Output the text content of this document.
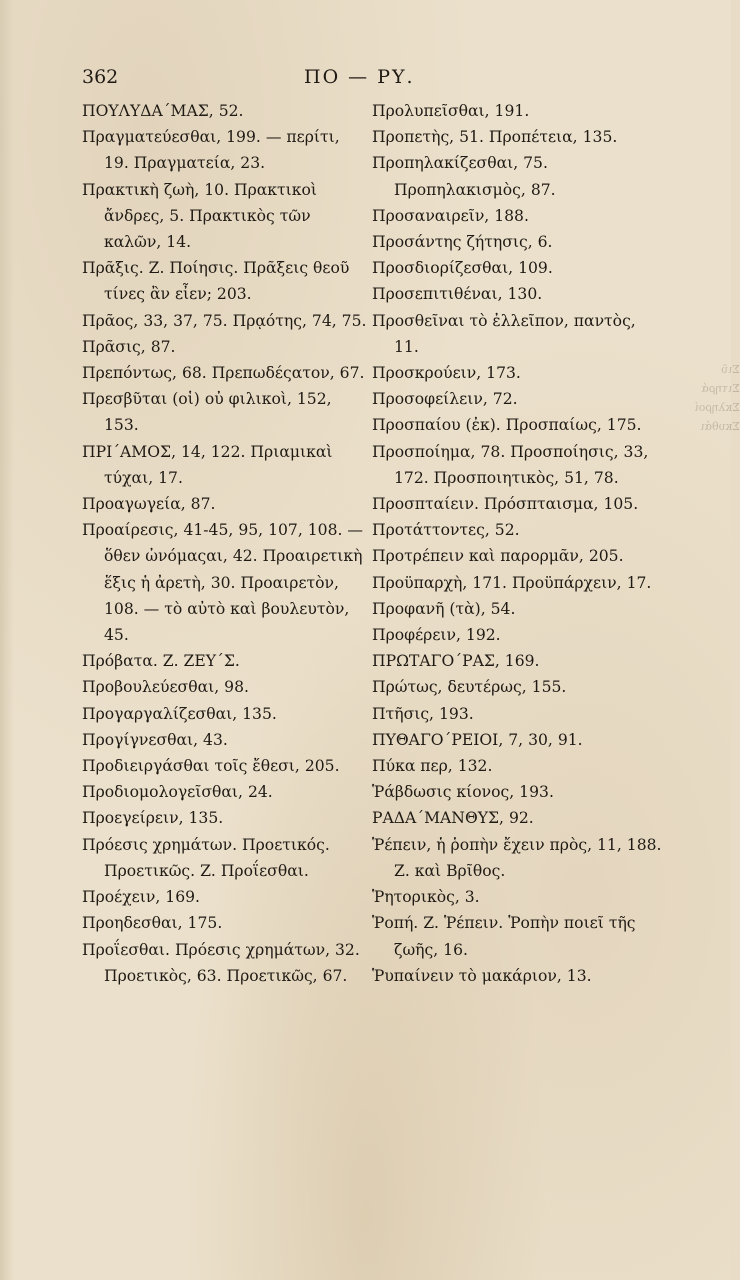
362	ΠΟ — ΡΥ.
ΠΟΥΛΥΔΑ΄ΜΑΣ, 52.
Πραγματεύεσθαι, 199. — περίτι, 19. Πραγματεία, 23.
Πρακτικὴ ζωὴ, 10. Πρακτικοὶ ἄνδρες, 5. Πρακτικὸς τῶν καλῶν, 14.
Πρᾶξις. Ζ. Ποίησις. Πρᾶξεις θεοῦ τίνες ἂν εἶεν; 203.
Πρᾶος, 33, 37, 75. Πρᾳότης, 74, 75.
Πρᾶσις, 87.
Πρεπόντως, 68. Πρεπωδέςατον, 67.
Πρεσβῦται (οἱ) οὐ φιλικοὶ, 152, 153.
ΠΡΙ΄ΑΜΟΣ, 14, 122. Πριαμικαὶ τύχαι, 17.
Προαγωγεία, 87.
Προαίρεσις, 41-45, 95, 107, 108. — ὅθεν ὠνόμαςαι, 42. Προαιρετικὴ ἕξις ἡ ἀρετὴ, 30. Προαιρετὸν, 108. — τὸ αὐτὸ καὶ βουλευτὸν, 45.
Πρόβατα. Ζ. ΖΕΥ΄Σ.
Προβουλεύεσθαι, 98.
Προγαργαλίζεσθαι, 135.
Προγίγνεσθαι, 43.
Προδιειργάσθαι τοῖς ἔθεσι, 205.
Προδιομολογεῖσθαι, 24.
Προεγείρειν, 135.
Πρόεσις χρημάτων. Προετικός. Προετικῶς. Ζ. Προΐεσθαι.
Προέχειν, 169.
Προηδεσθαι, 175.
Προΐεσθαι. Πρόεσις χρημάτων, 32. Προετικὸς, 63. Προετικῶς, 67.
Προλυπεῖσθαι, 191.
Προπετὴς, 51. Προπέτεια, 135.
Προπηλακίζεσθαι, 75. Προπηλακισμὸς, 87.
Προσαναιρεῖν, 188.
Προσάντης ζήτησις, 6.
Προσδιορίζεσθαι, 109.
Προσεπιτιθέναι, 130.
Προσθεῖναι τὸ ἐλλεῖπον, παντὸς, 11.
Προσκρούειν, 173.
Προσοφείλειν, 72.
Προσπαίου (ἐκ). Προσπαίως, 175.
Προσποίημα, 78. Προσποίησις, 33, 172. Προσποιητικὸς, 51, 78.
Προσπταίειν. Πρόσπταισμα, 105.
Προτάττοντες, 52.
Προτρέπειν καὶ παρορμᾶν, 205.
Προϋπαρχὴ, 171. Προϋπάρχειν, 17.
Προφανῆ (τὰ), 54.
Προφέρειν, 192.
ΠΡΩΤΑΓΟ΄ΡΑΣ, 169.
Πρώτως, δευτέρως, 155.
Πτῆσις, 193.
ΠΥΘΑΓΟ΄ΡΕΙΟΙ, 7, 30, 91.
Πύκα περ, 132.
Ῥάβδωσις κίονος, 193.
ΡΑΔΑ΄ΜΑΝΘΥΣ, 92.
Ῥέπειν, ἡ ῥοπὴν ἔχειν πρὸς, 11, 188. Ζ. καὶ Βρῖθος.
Ῥητορικὸς, 3.
Ῥοπή. Ζ. Ῥέπειν. Ῥοπὴν ποιεῖ τῆς ζωῆς, 16.
Ῥυπαίνειν τὸ μακάριον, 13.
Σιῦ
Σιτηρά
Σκληροί
Σκυθάι
